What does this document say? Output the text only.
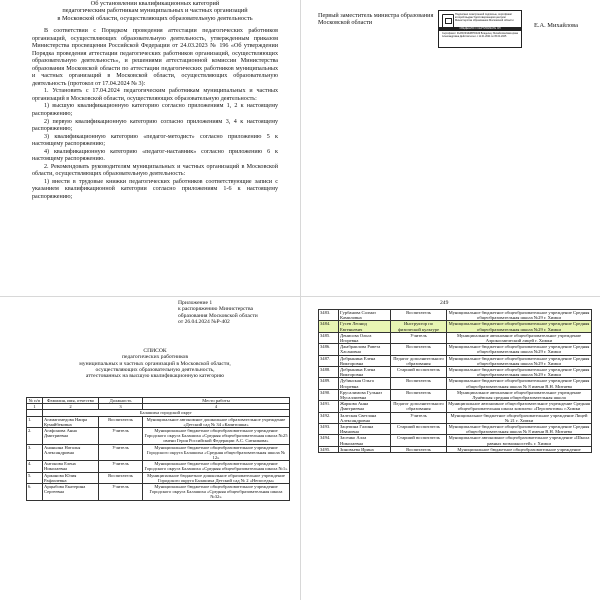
Об установлении квалификационных категорий
педагогическим работникам муниципальных и частных организаций
в Московской области, осуществляющих образовательную деятельность

В соответствии с Порядком проведения аттестации педагогических работников организаций, осуществляющих образовательную деятельность, утвержденным приказом Министерства просвещения Российской Федерации от 24.03.2023 № 196 «Об утверждении Порядка проведения аттестации педагогических работников организаций, осуществляющих образовательную деятельность», и решениями аттестационной комиссии Министерства образования Московской области по аттестации педагогических работников муниципальных и частных организаций в Московской области, осуществляющих образовательную деятельность (протокол от 17.04.2024 № 3):

1. Установить с 17.04.2024 педагогическим работникам муниципальных и частных организаций в Московской области, осуществляющих образовательную деятельность:

1) высшую квалификационную категорию согласно приложениям 1, 2 к настоящему распоряжению;

2) первую квалификационную категорию согласно приложениям 3, 4 к настоящему распоряжению;

3) квалификационную категорию «педагог-методист» согласно приложению 5 к настоящему распоряжению;

4) квалификационную категорию «педагог-наставник» согласно приложению 6 к настоящему распоряжению.

2. Рекомендовать руководителям муниципальных и частных организаций в Московской области, осуществляющих образовательную деятельность:

1) внести в трудовые книжки педагогических работников соответствующие записи с указанием квалификационной категории согласно приложениям 1-6 к настоящему распоряжению;

Первый заместитель министра образования Московской области
Подписано электронной подписью, сертификат которой выдан Удостоверяющим центром Министерства образования Московской области
СВЕДЕНИЯ О СЕРТИФИКАТЕ ЭП
Сертификат: 01A8C3F2E0B7D4A9 Владелец: Михайлова Екатерина Александровна Действителен: с 11.01.2024 по 05.04.2025
Е.А. Михайлова
Приложение 1
к распоряжению Министерства
образования Московской области
от 26.04.2024 №Р-402
СПИСОК
педагогических работников
муниципальных и частных организаций в Московской области,
осуществляющих образовательную деятельность,
аттестованных на высшую квалификационную категорию
№ п/п	Фамилия, имя, отчество	Должность	Место работы
1	2	3	4
	Балашиха городской округ		
1.	Агамагомедова Наира Кумайбековна	Воспитатель	Муниципальное автономное дошкольное образовательное учреждение «Детский сад № 34 «Капитошка»
2.	Агафонова Анна Дмитриевна	Учитель	Муниципальное бюджетное общеобразовательное учреждение Городского округа Балашиха «Средняя общеобразовательная школа №25 имени Героя Российской Федерации А.С. Ситникова»
3.	Ананьина Наталья Александровна	Учитель	Муниципальное бюджетное общеобразовательное учреждение Городского округа Балашиха «Средняя общеобразовательная школа № 12»
4.	Антонова Елена Николаевна	Учитель	Муниципальное бюджетное общеобразовательное учреждение Городского округа Балашиха «Средняя общеобразовательная школа №1»
5.	Аржанова Юлия Рафаэлевна	Воспитатель	Муниципальное бюджетное дошкольное образовательное учреждение Городского округа Балашиха Детский сад № 2 «Непоседы»
6.	Арцыбова Екатерина Сергеевна	Учитель	Муниципальное бюджетное общеобразовательное учреждение Городского округа Балашиха «Средняя общеобразовательная школа №32»
249
3483.	Гурбанова Солмаз Камиловна	Воспитатель	Муниципальное бюджетное общеобразовательное учреждение Средняя общеобразовательная школа №29 г. Химки
3484.	Гусев Леонид Евгеньевич	Инструктор по физической культуре	Муниципальное бюджетное общеобразовательное учреждение Средняя общеобразовательная школа №29 г. Химки
3485.	Денисова Ольга Игоревна	Учитель	Муниципальное автономное общеобразовательное учреждение Аэрокосмический лицей г. Химки
3486.	Джабраилова Равета Хасановна	Воспитатель	Муниципальное бюджетное общеобразовательное учреждение Средняя общеобразовательная школа №29 г. Химки
3487.	Добрынина Елена Викторовна	Педагог дополнительного образования	Муниципальное бюджетное общеобразовательное учреждение Средняя общеобразовательная школа №29 г. Химки
3488.	Добрынина Елена Викторовна	Старший воспитатель	Муниципальное бюджетное общеобразовательное учреждение Средняя общеобразовательная школа №29 г. Химки
3489.	Дубинская Ольга Игоревна	Воспитатель	Муниципальное бюджетное общеобразовательное учреждение Средняя общеобразовательная школа № 8 имени В.Н. Митяева
3490.	Ерусалимова Гульназ Мусаллиевна	Воспитатель	Муниципальное автономное общеобразовательное учреждение Лунёвская средняя общеобразовательная школа
3491.	Жаркова Анна Дмитриевна	Педагог дополнительного образования	Муниципальное автономное общеобразовательное учреждение Средняя общеобразовательная школа комплекс «Перспектива» г.Химки
3492.	Залеская Светлана Александровна	Учитель	Муниципальное бюджетное общеобразовательное учреждение Лицей № 21 г. Химки
3493.	Зацепина Галина Ивановна	Старший воспитатель	Муниципальное бюджетное общеобразовательное учреждение Средняя общеобразовательная школа № 8 имени В.Н. Митяева
3494.	Засенко Алла Николаевна	Старший воспитатель	Муниципальное автономное общеобразовательное учреждение «Школа равных возможностей» г. Химки
3495.	Зиновьева Ирина	Воспитатель	Муниципальное бюджетное общеобразовательное учреждение
